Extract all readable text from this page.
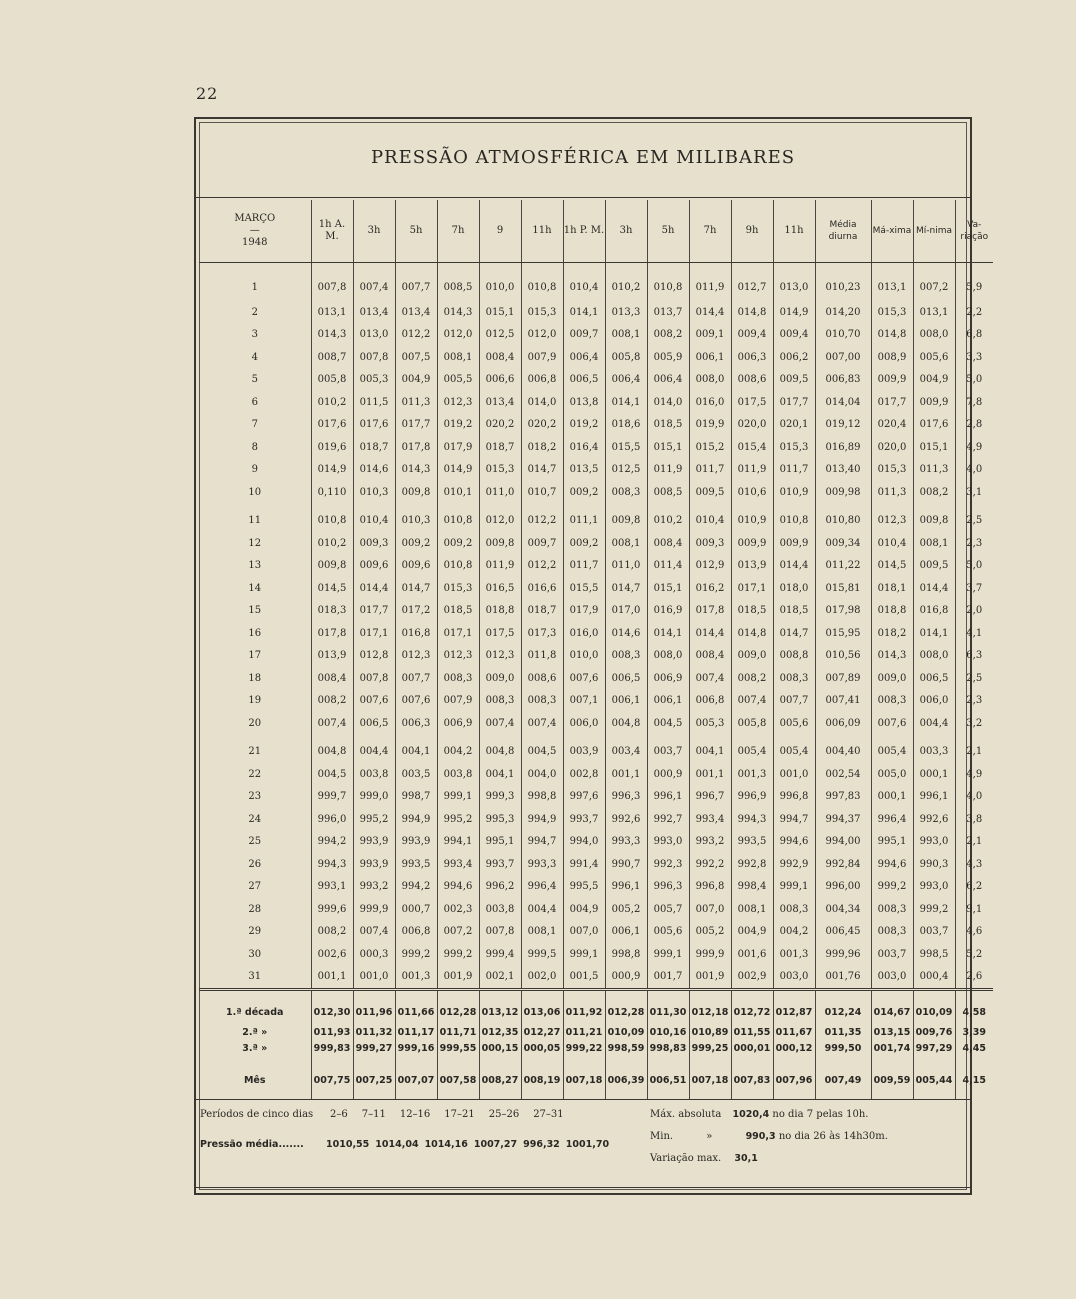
22
PRESSÃO ATMOSFÉRICA EM MILIBARES
MARÇO
—
1948	1h A. M.	3h	5h	7h	9	11h	1h P. M.	3h	5h	7h	9h	11h	Média diurna	Má-xima	Mí-nima	Va-riação
1	007,8	007,4	007,7	008,5	010,0	010,8	010,4	010,2	010,8	011,9	012,7	013,0	010,23	013,1	007,2	5,9
2	013,1	013,4	013,4	014,3	015,1	015,3	014,1	013,3	013,7	014,4	014,8	014,9	014,20	015,3	013,1	2,2
3	014,3	013,0	012,2	012,0	012,5	012,0	009,7	008,1	008,2	009,1	009,4	009,4	010,70	014,8	008,0	6,8
4	008,7	007,8	007,5	008,1	008,4	007,9	006,4	005,8	005,9	006,1	006,3	006,2	007,00	008,9	005,6	3,3
5	005,8	005,3	004,9	005,5	006,6	006,8	006,5	006,4	006,4	008,0	008,6	009,5	006,83	009,9	004,9	5,0
6	010,2	011,5	011,3	012,3	013,4	014,0	013,8	014,1	014,0	016,0	017,5	017,7	014,04	017,7	009,9	7,8
7	017,6	017,6	017,7	019,2	020,2	020,2	019,2	018,6	018,5	019,9	020,0	020,1	019,12	020,4	017,6	2,8
8	019,6	018,7	017,8	017,9	018,7	018,2	016,4	015,5	015,1	015,2	015,4	015,3	016,89	020,0	015,1	4,9
9	014,9	014,6	014,3	014,9	015,3	014,7	013,5	012,5	011,9	011,7	011,9	011,7	013,40	015,3	011,3	4,0
10	0,110	010,3	009,8	010,1	011,0	010,7	009,2	008,3	008,5	009,5	010,6	010,9	009,98	011,3	008,2	3,1
11	010,8	010,4	010,3	010,8	012,0	012,2	011,1	009,8	010,2	010,4	010,9	010,8	010,80	012,3	009,8	2,5
12	010,2	009,3	009,2	009,2	009,8	009,7	009,2	008,1	008,4	009,3	009,9	009,9	009,34	010,4	008,1	2,3
13	009,8	009,6	009,6	010,8	011,9	012,2	011,7	011,0	011,4	012,9	013,9	014,4	011,22	014,5	009,5	5,0
14	014,5	014,4	014,7	015,3	016,5	016,6	015,5	014,7	015,1	016,2	017,1	018,0	015,81	018,1	014,4	3,7
15	018,3	017,7	017,2	018,5	018,8	018,7	017,9	017,0	016,9	017,8	018,5	018,5	017,98	018,8	016,8	2,0
16	017,8	017,1	016,8	017,1	017,5	017,3	016,0	014,6	014,1	014,4	014,8	014,7	015,95	018,2	014,1	4,1
17	013,9	012,8	012,3	012,3	012,3	011,8	010,0	008,3	008,0	008,4	009,0	008,8	010,56	014,3	008,0	6,3
18	008,4	007,8	007,7	008,3	009,0	008,6	007,6	006,5	006,9	007,4	008,2	008,3	007,89	009,0	006,5	2,5
19	008,2	007,6	007,6	007,9	008,3	008,3	007,1	006,1	006,1	006,8	007,4	007,7	007,41	008,3	006,0	2,3
20	007,4	006,5	006,3	006,9	007,4	007,4	006,0	004,8	004,5	005,3	005,8	005,6	006,09	007,6	004,4	3,2
21	004,8	004,4	004,1	004,2	004,8	004,5	003,9	003,4	003,7	004,1	005,4	005,4	004,40	005,4	003,3	2,1
22	004,5	003,8	003,5	003,8	004,1	004,0	002,8	001,1	000,9	001,1	001,3	001,0	002,54	005,0	000,1	4,9
23	999,7	999,0	998,7	999,1	999,3	998,8	997,6	996,3	996,1	996,7	996,9	996,8	997,83	000,1	996,1	4,0
24	996,0	995,2	994,9	995,2	995,3	994,9	993,7	992,6	992,7	993,4	994,3	994,7	994,37	996,4	992,6	3,8
25	994,2	993,9	993,9	994,1	995,1	994,7	994,0	993,3	993,0	993,2	993,5	994,6	994,00	995,1	993,0	2,1
26	994,3	993,9	993,5	993,4	993,7	993,3	991,4	990,7	992,3	992,2	992,8	992,9	992,84	994,6	990,3	4,3
27	993,1	993,2	994,2	994,6	996,2	996,4	995,5	996,1	996,3	996,8	998,4	999,1	996,00	999,2	993,0	6,2
28	999,6	999,9	000,7	002,3	003,8	004,4	004,9	005,2	005,7	007,0	008,1	008,3	004,34	008,3	999,2	9,1
29	008,2	007,4	006,8	007,2	007,8	008,1	007,0	006,1	005,6	005,2	004,9	004,2	006,45	008,3	003,7	4,6
30	002,6	000,3	999,2	999,2	999,4	999,5	999,1	998,8	999,1	999,9	001,6	001,3	999,96	003,7	998,5	5,2
31	001,1	001,0	001,3	001,9	002,1	002,0	001,5	000,9	001,7	001,9	002,9	003,0	001,76	003,0	000,4	2,6
1.ª década	012,30	011,96	011,66	012,28	013,12	013,06	011,92	012,28	011,30	012,18	012,72	012,87	012,24	014,67	010,09	4,58
2.ª »	011,93	011,32	011,17	011,71	012,35	012,27	011,21	010,09	010,16	010,89	011,55	011,67	011,35	013,15	009,76	3,39
3.ª »	999,83	999,27	999,16	999,55	000,15	000,05	999,22	998,59	998,83	999,25	000,01	000,12	999,50	001,74	997,29	4,45
Mês	007,75	007,25	007,07	007,58	008,27	008,19	007,18	006,39	006,51	007,18	007,83	007,96	007,49	009,59	005,44	4,15
Períodos de cinco dias 2–6 7–11 12–16 17–21 25–26 27–31
Pressão média....... 1010,55 1014,04 1014,16 1007,27 996,32 1001,70
Máx. absoluta 1020,4 no dia 7 pelas 10h.
Min.	»	990,3 no dia 26 às 14h30m.
Variação max. 30,1
